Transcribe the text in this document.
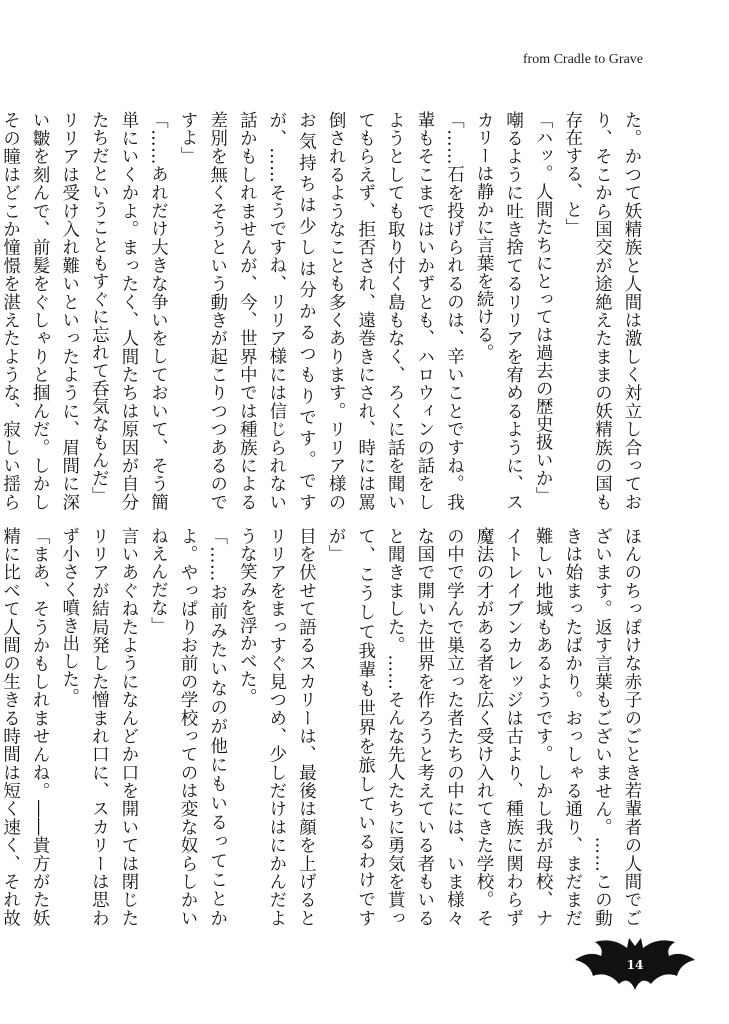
from Cradle to Grave

た。かつて妖精族と人間は激しく対立し合っており、そこから国交が途絶えたままの妖精族の国も存在する、と」

「ハッ。人間たちにとっては過去の歴史扱いか」

嘲るように吐き捨てるリリアを宥めるように、スカリーは静かに言葉を続ける。

「……石を投げられるのは、辛いことですね。我輩もそこまではいかずとも、ハロウィンの話をしようとしても取り付く島もなく、ろくに話を聞いてもらえず、拒否され、遠巻きにされ、時には罵倒されるようなことも多くあります。リリア様のお気持ちは少しは分かるつもりです。ですが、……そうですね、リリア様には信じられない話かもしれませんが、今、世界中では種族による差別を無くそうという動きが起こりつつあるのですよ」

「……あれだけ大きな争いをしておいて、そう簡単にいくかよ。まったく、人間たちは原因が自分たちだということもすぐに忘れて呑気なもんだ」

リリアは受け入れ難いといったように、眉間に深い皺を刻んで、前髪をぐしゃりと掴んだ。しかしその瞳はどこか憧憬を湛えたような、寂しい揺ら

ほんのちっぽけな赤子のごとき若輩者の人間でございます。返す言葉もございません。……この動きは始まったばかり。おっしゃる通り、まだまだ難しい地域もあるようです。しかし我が母校、ナイトレイブンカレッジは古より、種族に関わらず魔法の才がある者を広く受け入れてきた学校。その中で学んで巣立った者たちの中には、いま様々な国で開いた世界を作ろうと考えている者もいると聞きました。……そんな先人たちに勇気を貰って、こうして我輩も世界を旅しているわけですが」

目を伏せて語るスカリーは、最後は顔を上げるとリリアをまっすぐ見つめ、少しだけはにかんだような笑みを浮かべた。

「……お前みたいなのが他にもいるってことかよ。やっぱりお前の学校ってのは変な奴らしかいねえんだな」

言いあぐねたようになんどか口を開いては閉じたリリアが結局発した憎まれ口に、スカリーは思わず小さく噴き出した。

「まあ、そうかもしれませんね。――貴方がた妖精に比べて人間の生きる時間は短く速く、それ故

14
